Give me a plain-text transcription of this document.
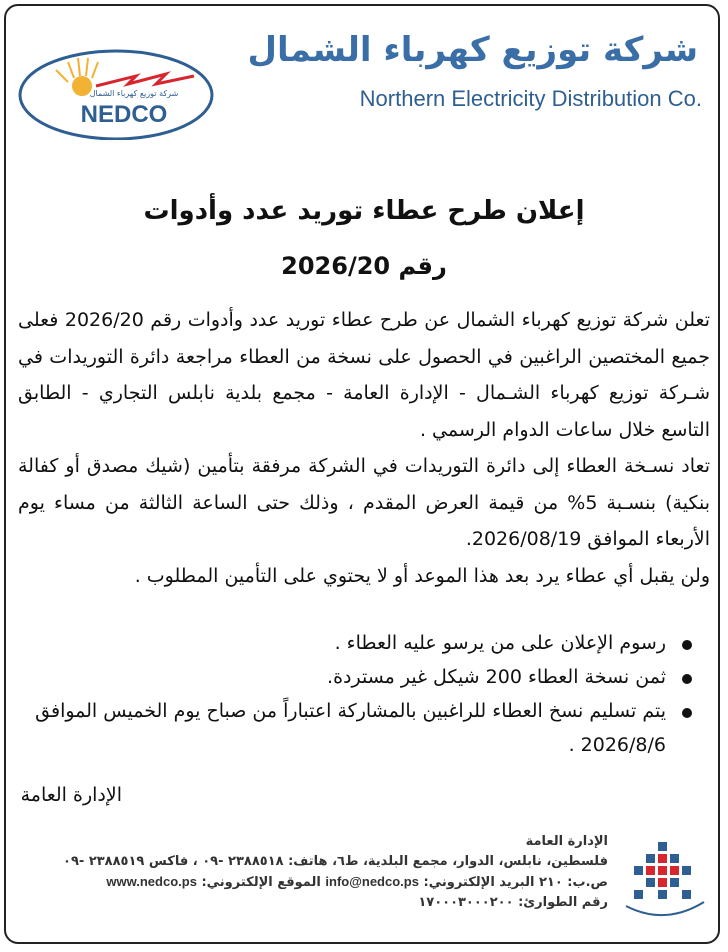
شركة توزيع كهرباء الشمال
Northern Electricity Distribution Co.
شركة توزيع كهرباء الشمال
NEDCO
إعلان طرح عطاء توريد عدد وأدوات
رقم 2026/20

تعلن شركة توزيع كهرباء الشمال عن طرح عطاء توريد عدد وأدوات رقم 2026/20 فعلى جميع المختصين الراغبين في الحصول على نسخة من العطاء مراجعة دائرة التوريدات في شـركة توزيع كهرباء الشـمال - الإدارة العامة - مجمع بلدية نابلس التجاري - الطابق التاسع خلال ساعات الدوام الرسمي .

تعاد نسـخة العطاء إلى دائرة التوريدات في الشركة مرفقة بتأمين (شيك مصدق أو كفالة بنكية) بنسـبة 5% من قيمة العرض المقدم ، وذلك حتى الساعة الثالثة من مساء يوم الأربعاء الموافق 2026/08/19.

ولن يقبل أي عطاء يرد بعد هذا الموعد أو لا يحتوي على التأمين المطلوب .

رسوم الإعلان على من يرسو عليه العطاء .
ثمن نسخة العطاء 200 شيكل غير مستردة.
يتم تسليم نسخ العطاء للراغبين بالمشاركة اعتباراً من صباح يوم الخميس الموافق 2026/8/6 .
الإدارة العامة
الإدارة العامة
فلسطين، نابلس، الدوار، مجمع البلدية، ط٦، هاتف: ٢٣٨٨٥١٨ -٠٩ ، فاكس ٢٣٨٨٥١٩ -٠٩
ص.ب: ٢١٠ البريد الإلكتروني: info@nedco.ps الموقع الإلكتروني: www.nedco.ps
رقم الطوارئ: ١٧٠٠٠٣٠٠٠٢٠٠
